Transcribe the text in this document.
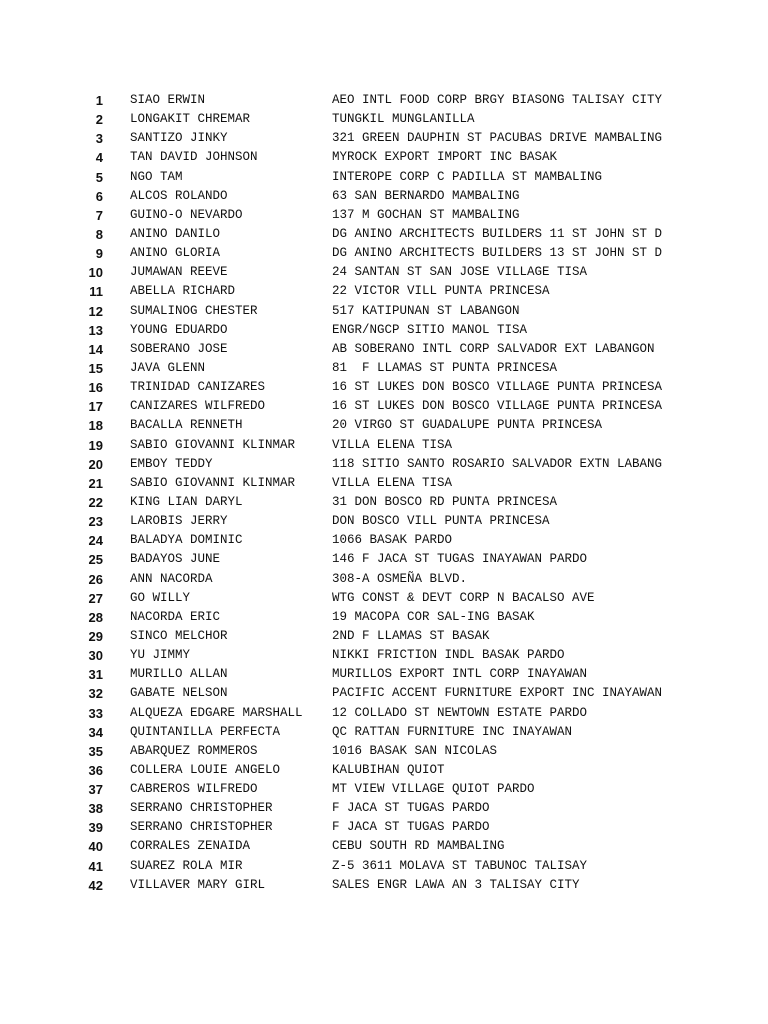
1 SIAO ERWIN	AEO INTL FOOD CORP BRGY BIASONG TALISAY CITY
2 LONGAKIT CHREMAR	TUNGKIL MUNGLANILLA
3 SANTIZO JINKY	321 GREEN DAUPHIN ST PACUBAS DRIVE MAMBALING
4 TAN DAVID JOHNSON	MYROCK EXPORT IMPORT INC BASAK
5 NGO TAM	INTEROPE CORP C PADILLA ST MAMBALING
6 ALCOS ROLANDO	63 SAN BERNARDO MAMBALING
7 GUINO-O NEVARDO	137 M GOCHAN ST MAMBALING
8 ANINO DANILO	DG ANINO ARCHITECTS BUILDERS 11 ST JOHN ST D
9 ANINO GLORIA	DG ANINO ARCHITECTS BUILDERS 13 ST JOHN ST D
10 JUMAWAN REEVE	24 SANTAN ST SAN JOSE VILLAGE TISA
11 ABELLA RICHARD	22 VICTOR VILL PUNTA PRINCESA
12 SUMALINOG CHESTER	517 KATIPUNAN ST LABANGON
13 YOUNG EDUARDO	ENGR/NGCP SITIO MANOL TISA
14 SOBERANO JOSE	AB SOBERANO INTL CORP SALVADOR EXT LABANGON
15 JAVA GLENN	81  F LLAMAS ST PUNTA PRINCESA
16 TRINIDAD CANIZARES	16 ST LUKES DON BOSCO VILLAGE PUNTA PRINCESA
17 CANIZARES WILFREDO	16 ST LUKES DON BOSCO VILLAGE PUNTA PRINCESA
18 BACALLA RENNETH	20 VIRGO ST GUADALUPE PUNTA PRINCESA
19 SABIO GIOVANNI KLINMAR	VILLA ELENA TISA
20 EMBOY TEDDY	118 SITIO SANTO ROSARIO SALVADOR EXTN LABANG
21 SABIO GIOVANNI KLINMAR	VILLA ELENA TISA
22 KING LIAN DARYL	31 DON BOSCO RD PUNTA PRINCESA
23 LAROBIS JERRY	DON BOSCO VILL PUNTA PRINCESA
24 BALADYA DOMINIC	1066 BASAK PARDO
25 BADAYOS JUNE	146 F JACA ST TUGAS INAYAWAN PARDO
26 ANN NACORDA	308-A OSMEÑA BLVD.
27 GO WILLY	WTG CONST & DEVT CORP N BACALSO AVE
28 NACORDA ERIC	19 MACOPA COR SAL-ING BASAK
29 SINCO MELCHOR	2ND F LLAMAS ST BASAK
30 YU JIMMY	NIKKI FRICTION INDL BASAK PARDO
31 MURILLO ALLAN	MURILLOS EXPORT INTL CORP INAYAWAN
32 GABATE NELSON	PACIFIC ACCENT FURNITURE EXPORT INC INAYAWAN
33 ALQUEZA EDGARE MARSHALL 12 COLLADO ST NEWTOWN ESTATE PARDO
34 QUINTANILLA PERFECTA	QC RATTAN FURNITURE INC INAYAWAN
35 ABARQUEZ ROMMEROS	1016 BASAK SAN NICOLAS
36 COLLERA LOUIE ANGELO	KALUBIHAN QUIOT
37 CABREROS WILFREDO	MT VIEW VILLAGE QUIOT PARDO
38 SERRANO CHRISTOPHER	F JACA ST TUGAS PARDO
39 SERRANO CHRISTOPHER	F JACA ST TUGAS PARDO
40 CORRALES ZENAIDA	CEBU SOUTH RD MAMBALING
41 SUAREZ ROLA MIR	Z-5 3611 MOLAVA ST TABUNOC TALISAY
42 VILLAVER MARY GIRL	SALES ENGR LAWA AN 3 TALISAY CITY
